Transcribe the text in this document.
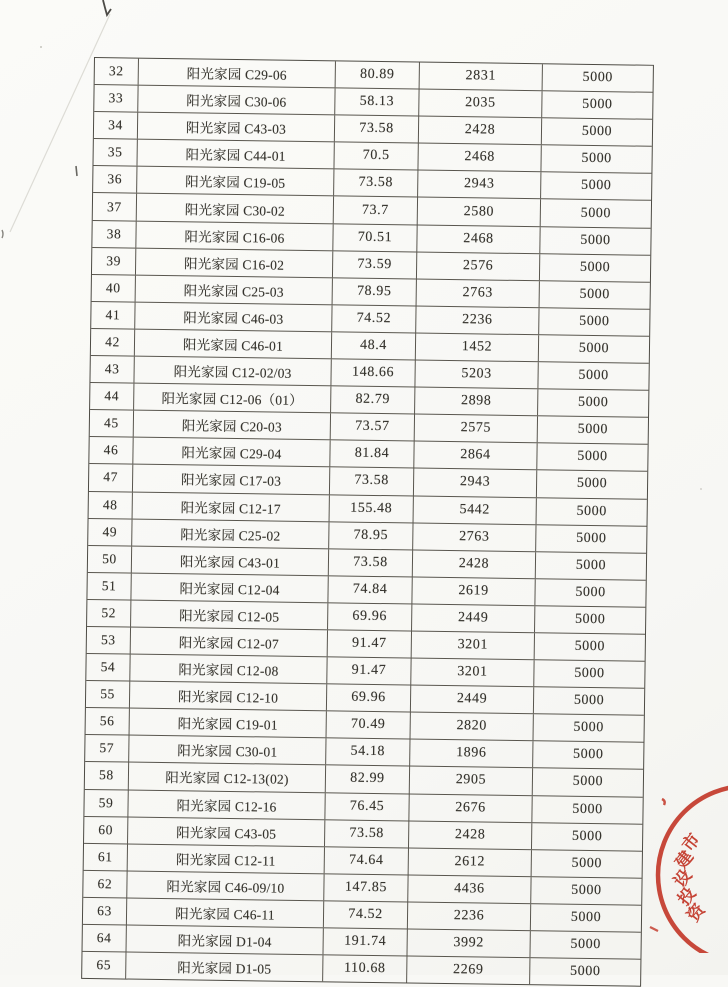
32	阳光家园 C29-06	80.89	2831	5000
33	阳光家园 C30-06	58.13	2035	5000
34	阳光家园 C43-03	73.58	2428	5000
35	阳光家园 C44-01	70.5	2468	5000
36	阳光家园 C19-05	73.58	2943	5000
37	阳光家园 C30-02	73.7	2580	5000
38	阳光家园 C16-06	70.51	2468	5000
39	阳光家园 C16-02	73.59	2576	5000
40	阳光家园 C25-03	78.95	2763	5000
41	阳光家园 C46-03	74.52	2236	5000
42	阳光家园 C46-01	48.4	1452	5000
43	阳光家园 C12-02/03	148.66	5203	5000
44	阳光家园 C12-06（01）	82.79	2898	5000
45	阳光家园 C20-03	73.57	2575	5000
46	阳光家园 C29-04	81.84	2864	5000
47	阳光家园 C17-03	73.58	2943	5000
48	阳光家园 C12-17	155.48	5442	5000
49	阳光家园 C25-02	78.95	2763	5000
50	阳光家园 C43-01	73.58	2428	5000
51	阳光家园 C12-04	74.84	2619	5000
52	阳光家园 C12-05	69.96	2449	5000
53	阳光家园 C12-07	91.47	3201	5000
54	阳光家园 C12-08	91.47	3201	5000
55	阳光家园 C12-10	69.96	2449	5000
56	阳光家园 C19-01	70.49	2820	5000
57	阳光家园 C30-01	54.18	1896	5000
58	阳光家园 C12-13(02)	82.99	2905	5000
59	阳光家园 C12-16	76.45	2676	5000
60	阳光家园 C43-05	73.58	2428	5000
61	阳光家园 C12-11	74.64	2612	5000
62	阳光家园 C46-09/10	147.85	4436	5000
63	阳光家园 C46-11	74.52	2236	5000
64	阳光家园 D1-04	191.74	3992	5000
65	阳光家园 D1-05	110.68	2269	5000
市
建
设
投
资
